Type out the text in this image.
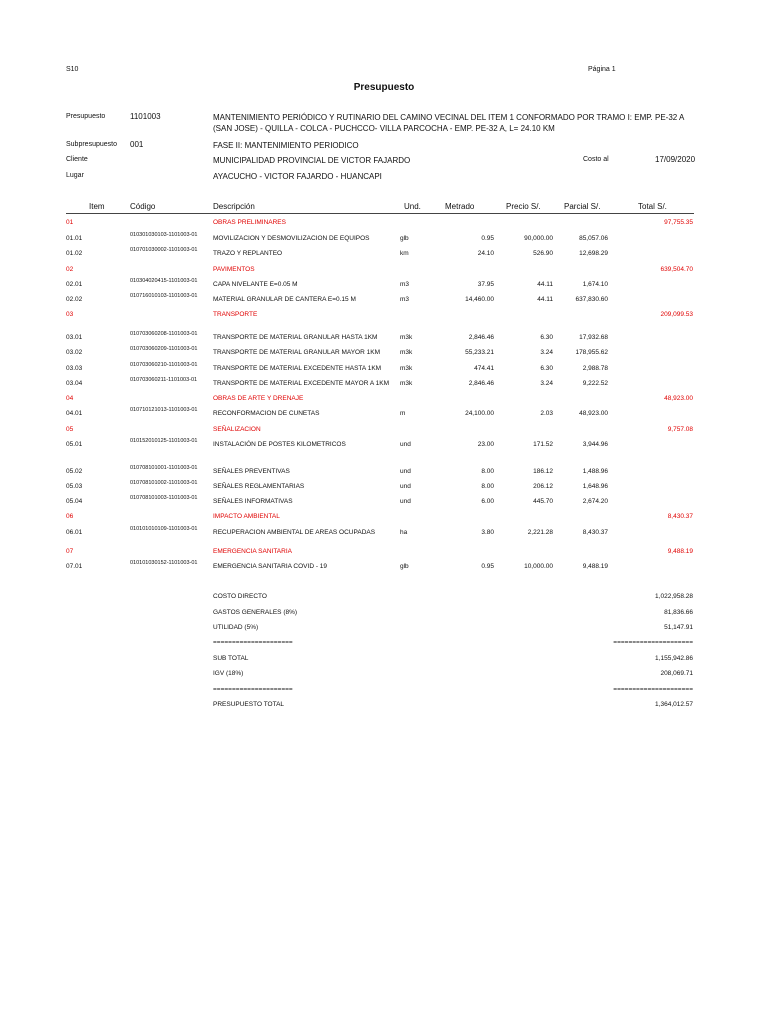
S10	Página 1
Presupuesto
Presupuesto	1101003	MANTENIMIENTO PERIÓDICO Y RUTINARIO DEL CAMINO VECINAL DEL ITEM 1 CONFORMADO POR TRAMO I: EMP. PE-32 A (SAN JOSE) - QUILLA - COLCA - PUCHCCO- VILLA PARCOCHA - EMP. PE-32 A, L= 24.10 KM
Subpresupuesto 001	FASE II: MANTENIMIENTO PERIODICO
Cliente	MUNICIPALIDAD PROVINCIAL DE VICTOR FAJARDO	Costo al	17/09/2020
Lugar	AYACUCHO - VICTOR FAJARDO - HUANCAPI
Item	Código	Descripción	Und.	Metrado	Precio S/.	Parcial S/.	Total S/.
01	OBRAS PRELIMINARES	97,755.35
01.01	010301030103-1101003-01 MOVILIZACION Y DESMOVILIZACION DE EQUIPOS	glb	0.95	90,000.00	85,057.06
01.02	010701030002-1101003-01 TRAZO Y REPLANTEO	km	24.10	526.90	12,698.29
02	PAVIMENTOS	639,504.70
02.01	010304020415-1101003-01 CAPA NIVELANTE E=0.05 M	m3	37.95	44.11	1,674.10
02.02	010716010103-1101003-01 MATERIAL GRANULAR DE CANTERA E=0.15 M	m3	14,460.00	44.11	637,830.60
03	TRANSPORTE	209,099.53
03.01	010703060208-1101003-01 TRANSPORTE DE MATERIAL GRANULAR HASTA 1KM	m3k	2,846.46	6.30	17,932.68
03.02	010703060209-1101003-01 TRANSPORTE DE MATERIAL GRANULAR MAYOR 1KM	m3k	55,233.21	3.24	178,955.62
03.03	010703060210-1101003-01 TRANSPORTE DE MATERIAL EXCEDENTE HASTA 1KM	m3k	474.41	6.30	2,988.78
03.04	010703060211-1101003-01 TRANSPORTE DE MATERIAL EXCEDENTE MAYOR A 1KM m3k	2,846.46	3.24	9,222.52
04	OBRAS DE ARTE Y DRENAJE	48,923.00
04.01	010710121013-1101003-01 RECONFORMACION DE CUNETAS	m	24,100.00	2.03	48,923.00
05	SEÑALIZACION	9,757.08
05.01	010152010125-1101003-01 INSTALACIÓN DE POSTES KILOMETRICOS	und	23.00	171.52	3,944.96
05.02	010708101001-1101003-01 SEÑALES PREVENTIVAS	und	8.00	186.12	1,488.96
05.03	010708101002-1101003-01 SEÑALES REGLAMENTARIAS	und	8.00	206.12	1,648.96
05.04	010708101003-1101003-01 SEÑALES INFORMATIVAS	und	6.00	445.70	2,674.20
06	IMPACTO AMBIENTAL	8,430.37
06.01	010101010109-1101003-01 RECUPERACION AMBIENTAL DE AREAS OCUPADAS	ha	3.80	2,221.28	8,430.37
07	EMERGENCIA SANITARIA	9,488.19
07.01	010101030152-1101003-01 EMERGENCIA SANITARIA COVID - 19	glb	0.95	10,000.00	9,488.19
COSTO DIRECTO	1,022,958.28
GASTOS GENERALES (8%)	81,836.66
UTILIDAD (5%)	51,147.91
=====================	=====================
SUB TOTAL	1,155,942.86
IGV (18%)	208,069.71
=====================	=====================
PRESUPUESTO TOTAL	1,364,012.57
